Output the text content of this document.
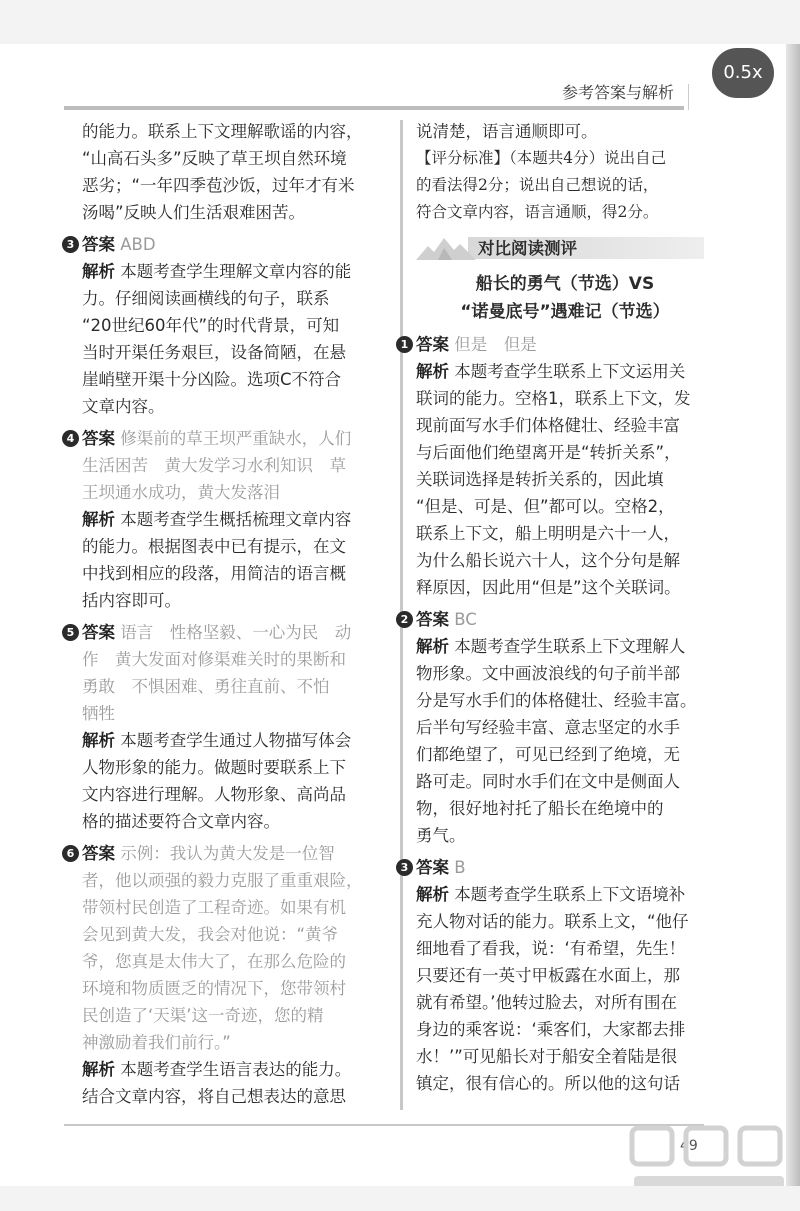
0.5x
参考答案与解析
的能力。联系上下文理解歌谣的内容，
“山高石头多”反映了草王坝自然环境
恶劣；“一年四季苞沙饭，过年才有米
汤喝”反映人们生活艰难困苦。
3 答案 ABD
解析 本题考查学生理解文章内容的能
力。仔细阅读画横线的句子，联系
“20世纪60年代”的时代背景，可知
当时开渠任务艰巨，设备简陋，在悬
崖峭壁开渠十分凶险。选项C不符合
文章内容。
4 答案 修渠前的草王坝严重缺水，人们
生活困苦　黄大发学习水利知识　草
王坝通水成功，黄大发落泪
解析 本题考查学生概括梳理文章内容
的能力。根据图表中已有提示，在文
中找到相应的段落，用简洁的语言概
括内容即可。
5 答案 语言　性格坚毅、一心为民　动
作　黄大发面对修渠难关时的果断和
勇敢　不惧困难、勇往直前、不怕
牺牲
解析 本题考查学生通过人物描写体会
人物形象的能力。做题时要联系上下
文内容进行理解。人物形象、高尚品
格的描述要符合文章内容。
6 答案 示例：我认为黄大发是一位智
者，他以顽强的毅力克服了重重艰险，
带领村民创造了工程奇迹。如果有机
会见到黄大发，我会对他说：“黄爷
爷，您真是太伟大了，在那么危险的
环境和物质匮乏的情况下，您带领村
民创造了‘天渠’这一奇迹，您的精
神激励着我们前行。”
解析 本题考查学生语言表达的能力。
结合文章内容，将自己想表达的意思
说清楚，语言通顺即可。
【评分标准】（本题共4分）说出自己
的看法得2分；说出自己想说的话，
符合文章内容，语言通顺，得2分。
对比阅读测评
船长的勇气（节选）VS
“诺曼底号”遇难记（节选）
1 答案 但是　但是
解析 本题考查学生联系上下文运用关
联词的能力。空格1，联系上下文，发
现前面写水手们体格健壮、经验丰富
与后面他们绝望离开是“转折关系”，
关联词选择是转折关系的，因此填
“但是、可是、但”都可以。空格2，
联系上下文，船上明明是六十一人，
为什么船长说六十人，这个分句是解
释原因，因此用“但是”这个关联词。
2 答案 BC
解析 本题考查学生联系上下文理解人
物形象。文中画波浪线的句子前半部
分是写水手们的体格健壮、经验丰富。
后半句写经验丰富、意志坚定的水手
们都绝望了，可见已经到了绝境，无
路可走。同时水手们在文中是侧面人
物，很好地衬托了船长在绝境中的
勇气。
3 答案 B
解析 本题考查学生联系上下文语境补
充人物对话的能力。联系上文，“他仔
细地看了看我，说：‘有希望，先生！
只要还有一英寸甲板露在水面上，那
就有希望。’他转过脸去，对所有围在
身边的乘客说：‘乘客们，大家都去排
水！’”可见船长对于船安全着陆是很
镇定，很有信心的。所以他的这句话
49
